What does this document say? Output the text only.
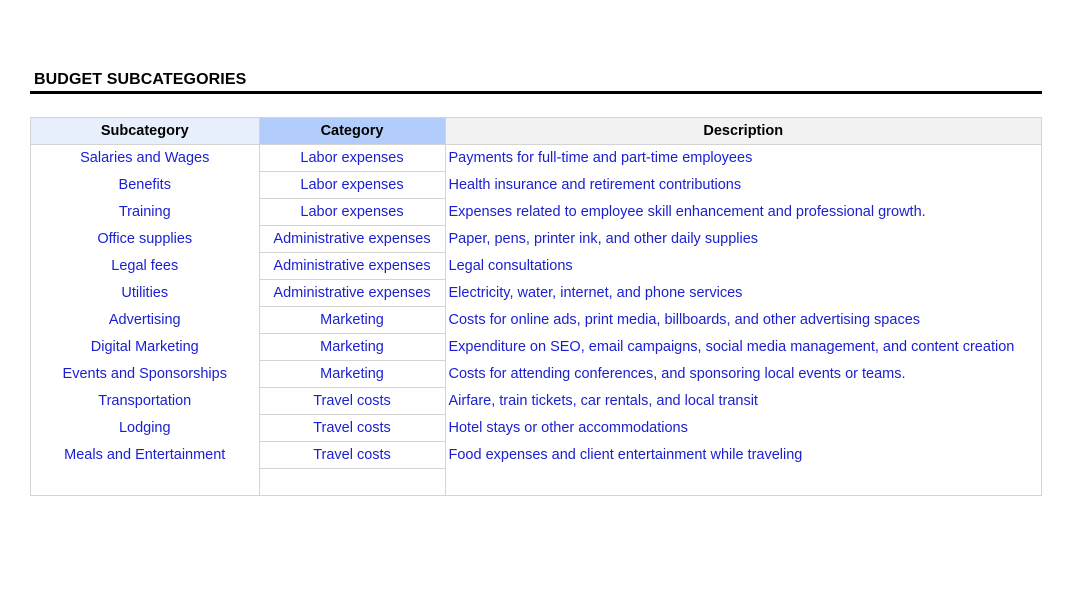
BUDGET SUBCATEGORIES
Subcategory	Category	Description
Salaries and Wages	Labor expenses	Payments for full-time and part-time employees
Benefits	Labor expenses	Health insurance and retirement contributions
Training	Labor expenses	Expenses related to employee skill enhancement and professional growth.
Office supplies	Administrative expenses	Paper, pens, printer ink, and other daily supplies
Legal fees	Administrative expenses	Legal consultations
Utilities	Administrative expenses	Electricity, water, internet, and phone services
Advertising	Marketing	Costs for online ads, print media, billboards, and other advertising spaces
Digital Marketing	Marketing	Expenditure on SEO, email campaigns, social media management, and content creation
Events and Sponsorships	Marketing	Costs for attending conferences, and sponsoring local events or teams.
Transportation	Travel costs	Airfare, train tickets, car rentals, and local transit
Lodging	Travel costs	Hotel stays or other accommodations
Meals and Entertainment	Travel costs	Food expenses and client entertainment while traveling
